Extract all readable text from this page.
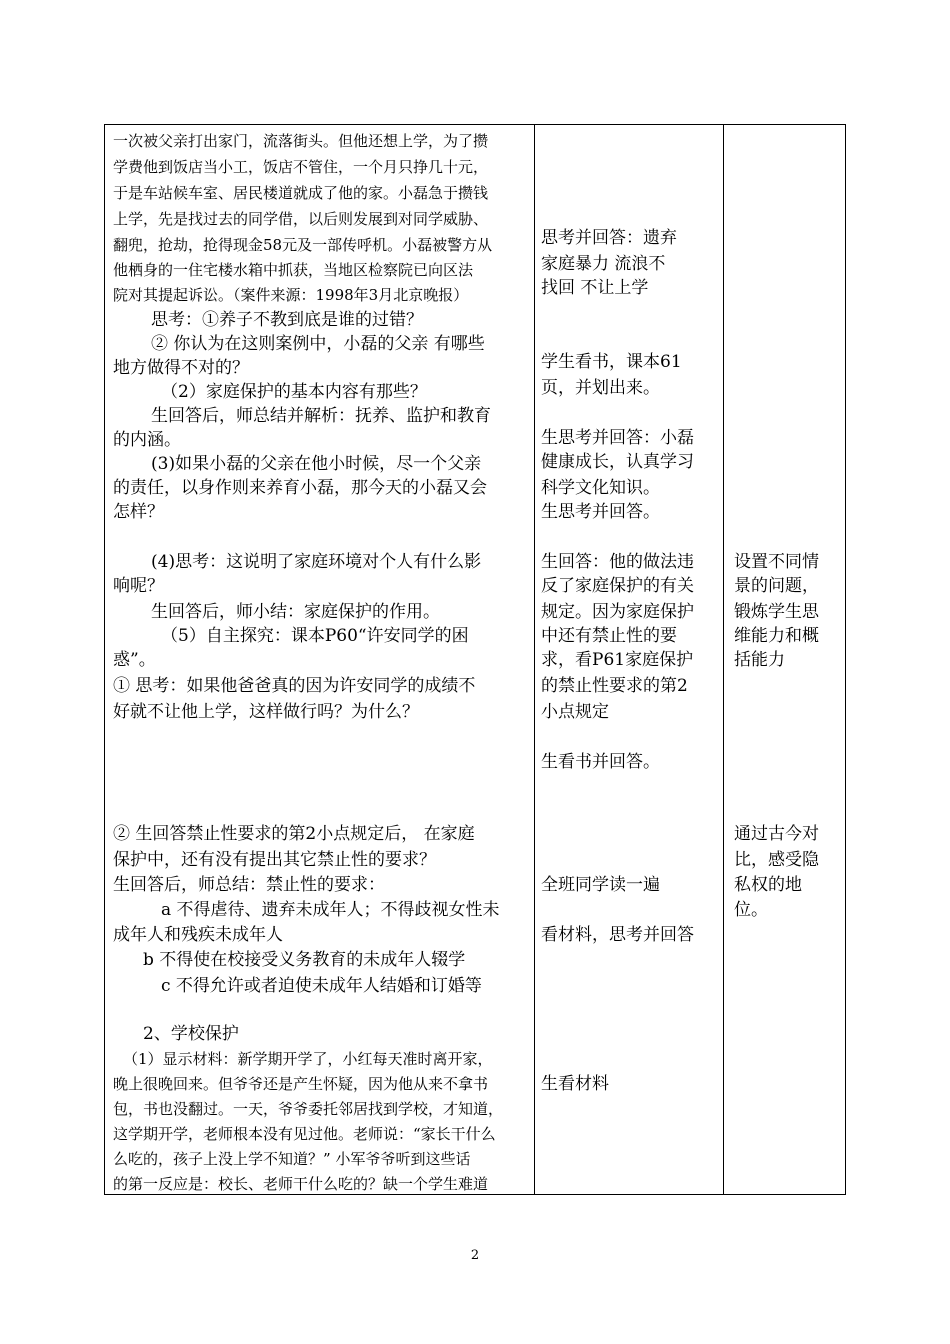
一次被父亲打出家门，流落街头。但他还想上学，为了攒
学费他到饭店当小工，饭店不管住，一个月只挣几十元，
于是车站候车室、居民楼道就成了他的家。小磊急于攒钱
上学，先是找过去的同学借，以后则发展到对同学威胁、
翻兜，抢劫，抢得现金58元及一部传呼机。小磊被警方从
他栖身的一住宅楼水箱中抓获，当地区检察院已向区法
院对其提起诉讼。（案件来源：1998年3月北京晚报）
思考：①养子不教到底是谁的过错？
② 你认为在这则案例中，小磊的父亲 有哪些
地方做得不对的？
（2）家庭保护的基本内容有那些？
生回答后，师总结并解析：抚养、监护和教育
的内涵。
(3)如果小磊的父亲在他小时候，尽一个父亲
的责任，以身作则来养育小磊，那今天的小磊又会
怎样？
(4)思考：这说明了家庭环境对个人有什么影
响呢？
生回答后，师小结：家庭保护的作用。
（5）自主探究：课本P60“许安同学的困
惑”。
① 思考：如果他爸爸真的因为许安同学的成绩不
好就不让他上学，这样做行吗？为什么？
② 生回答禁止性要求的第2小点规定后， 在家庭
保护中，还有没有提出其它禁止性的要求？
生回答后，师总结：禁止性的要求：
a 不得虐待、遗弃未成年人；不得歧视女性未
成年人和残疾未成年人
b 不得使在校接受义务教育的未成年人辍学
c 不得允许或者迫使未成年人结婚和订婚等
2、学校保护
（1）显示材料：新学期开学了，小红每天准时离开家，
晚上很晚回来。但爷爷还是产生怀疑，因为他从来不拿书
包，书也没翻过。一天，爷爷委托邻居找到学校，才知道，
这学期开学，老师根本没有见过他。老师说：“家长干什么
么吃的，孩子上没上学不知道？” 小军爷爷听到这些话
的第一反应是：校长、老师干什么吃的？缺一个学生难道
思考并回答：遗弃
家庭暴力 流浪不
找回 不让上学
学生看书，课本61
页，并划出来。
生思考并回答：小磊
健康成长，认真学习
科学文化知识。
生思考并回答。
生回答：他的做法违
反了家庭保护的有关
规定。因为家庭保护
中还有禁止性的要
求，看P61家庭保护
的禁止性要求的第2
小点规定
生看书并回答。
全班同学读一遍
看材料，思考并回答
生看材料
设置不同情
景的问题，
锻炼学生思
维能力和概
括能力
通过古今对
比，感受隐
私权的地
位。
2
